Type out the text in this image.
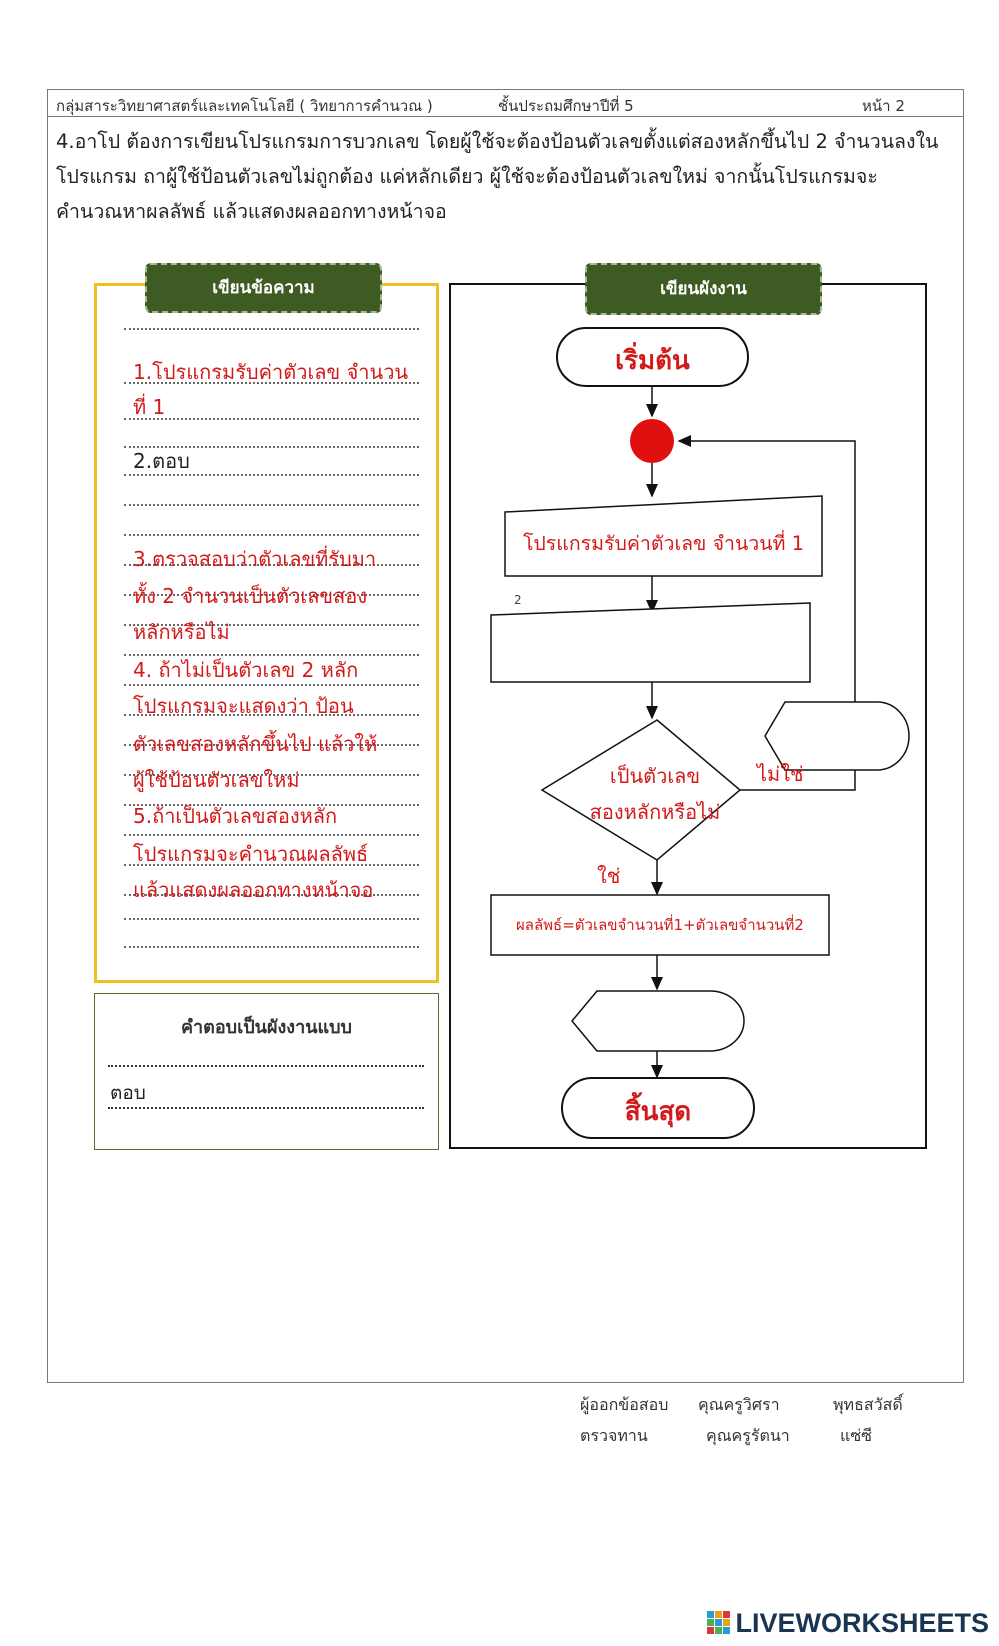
กลุ่มสาระวิทยาศาสตร์และเทคโนโลยี ( วิทยาการคำนวณ )	ชั้นประถมศึกษาปีที่ 5	หน้า 2
4.อาโป ต้องการเขียนโปรแกรมการบวกเลข โดยผู้ใช้จะต้องป้อนตัวเลขตั้งแต่สองหลักขึ้นไป 2 จำนวนลงใน
โปรแกรม ถาผู้ใช้ป้อนตัวเลขไม่ถูกต้อง แค่หลักเดียว ผู้ใช้จะต้องป้อนตัวเลขใหม่ จากนั้นโปรแกรมจะ
คำนวณหาผลลัพธ์ แล้วแสดงผลออกทางหน้าจอ
เขียนข้อความ
1.โปรแกรมรับค่าตัวเลข จำนวน
ที่ 1
2.ตอบ
3.ตรวจสอบว่าตัวเลขที่รับมา
ทั้ง 2 จำนวนเป็นตัวเลขสอง
หลักหรือไม่
4. ถ้าไม่เป็นตัวเลข 2 หลัก
โปรแกรมจะแสดงว่า ป้อน
ตัวเลขสองหลักขึ้นไป แล้วให้
ผู้ใช้ป้อนตัวเลขใหม่
5.ถ้าเป็นตัวเลขสองหลัก
โปรแกรมจะคำนวณผลลัพธ์
แล้วแสดงผลออกทางหน้าจอ
คำตอบเป็นผังงานแบบ
ตอบ
เขียนผังงาน
เริ่มต้น
โปรแกรมรับค่าตัวเลข จำนวนที่ 1
2
เป็นตัวเลข
สองหลักหรือไม่
ไม่ใช่
ใช่
ผลลัพธ์=ตัวเลขจำนวนที่1+ตัวเลขจำนวนที่2
สิ้นสุด
ผู้ออกข้อสอบ คุณครูวิศรา	พุทธสวัสดิ์
ตรวจทาน	คุณครูรัตนา	แซ่ซี
LIVEWORKSHEETS
